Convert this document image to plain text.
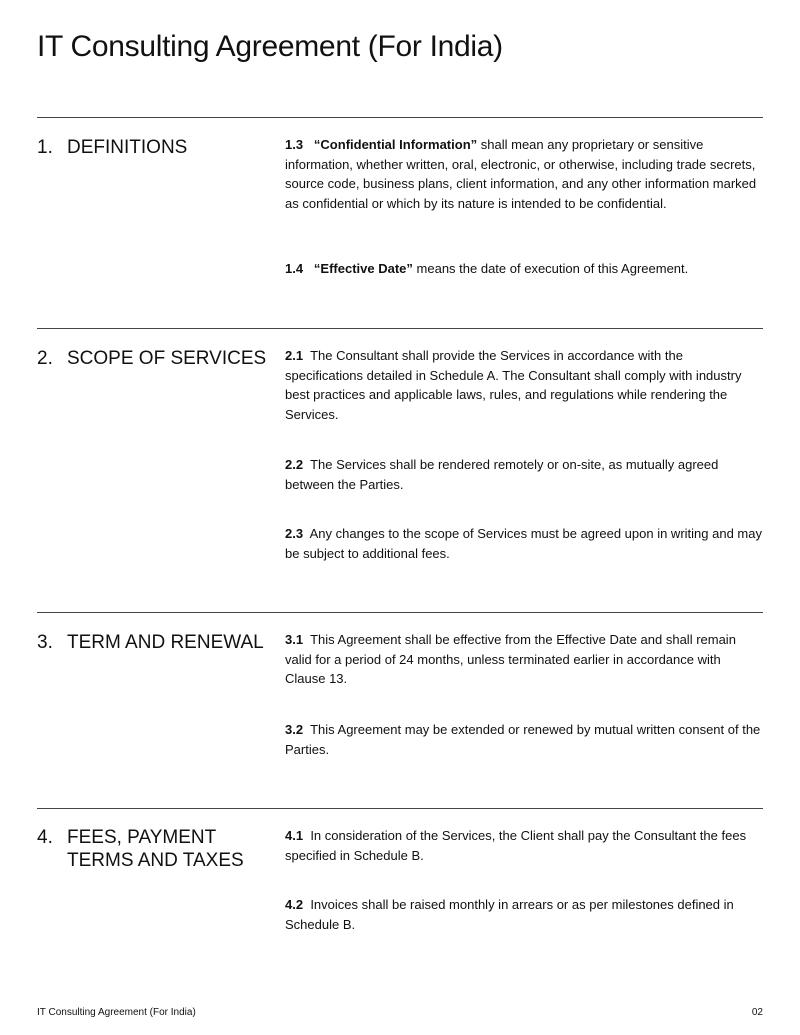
IT Consulting Agreement (For India)
1. DEFINITIONS	1.3 “Confidential Information” shall mean any proprietary or sensitive information, whether written, oral, electronic, or otherwise, including trade secrets, source code, business plans, client information, and any other information marked as confidential or which by its nature is intended to be confidential.

1.4 “Effective Date” means the date of execution of this Agreement.

2. SCOPE OF SERVICES 2.1 The Consultant shall provide the Services in accordance with the specifications detailed in Schedule A. The Consultant shall comply with industry best practices and applicable laws, rules, and regulations while rendering the Services.

2.2 The Services shall be rendered remotely or on-site, as mutually agreed between the Parties.

2.3 Any changes to the scope of Services must be agreed upon in writing and may be subject to additional fees.

3. TERM AND RENEWAL 3.1 This Agreement shall be effective from the Effective Date and shall remain valid for a period of 24 months, unless terminated earlier in accordance with Clause 13.

3.2 This Agreement may be extended or renewed by mutual written consent of the Parties.

4. FEES, PAYMENT TERMS AND TAXES

4.1 In consideration of the Services, the Client shall pay the Consultant the fees specified in Schedule B.

4.2 Invoices shall be raised monthly in arrears or as per milestones defined in Schedule B.

IT Consulting Agreement (For India)	02
